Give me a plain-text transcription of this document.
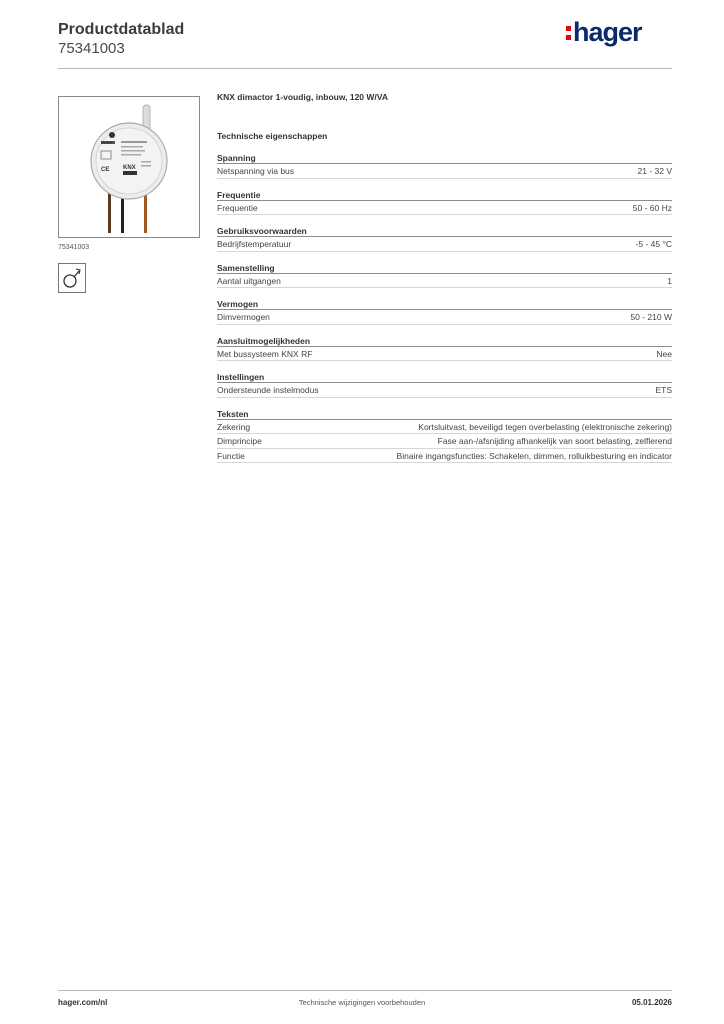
Productdatablad
75341003
hager
Berker
CE KNX
75341003
KNX dimactor 1-voudig, inbouw, 120 W/VA
Technische eigenschappen
Spanning
Netspanning via bus	21 - 32 V
Frequentie
Frequentie	50 - 60 Hz
Gebruiksvoorwaarden
Bedrijfstemperatuur	-5 - 45 °C
Samenstelling
Aantal uitgangen	1
Vermogen
Dimvermogen	50 - 210 W
Aansluitmogelijkheden
Met bussysteem KNX RF	Nee
Instellingen
Ondersteunde instelmodus	ETS
Teksten
Zekering	Kortsluitvast, beveiligd tegen overbelasting (elektronische zekering)
Dimprincipe	Fase aan-/afsnijding afhankelijk van soort belasting, zelflerend
Functie	Binaire ingangsfuncties: Schakelen, dimmen, rolluikbesturing en indicator
hager.com/nl	Technische wijzigingen voorbehouden	05.01.2026
